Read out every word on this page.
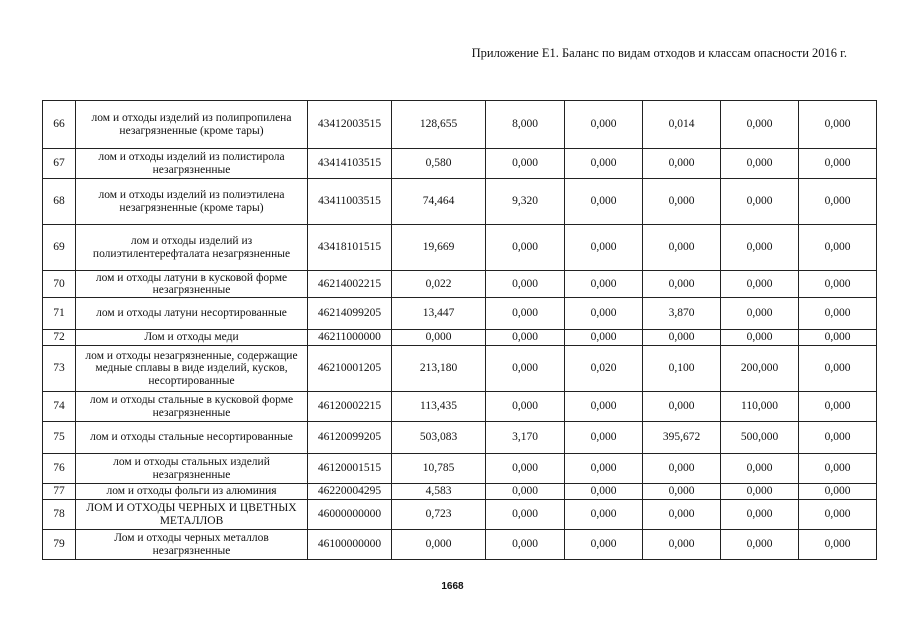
Приложение Е1. Баланс по видам отходов и классам опасности 2016 г.
66	лом и отходы изделий из полипропилена незагрязненные (кроме тары)	43412003515	128,655	8,000	0,000	0,014	0,000	0,000
67	лом и отходы изделий из полистирола незагрязненные	43414103515	0,580	0,000	0,000	0,000	0,000	0,000
68	лом и отходы изделий из полиэтилена незагрязненные (кроме тары)	43411003515	74,464	9,320	0,000	0,000	0,000	0,000
69	лом и отходы изделий из полиэтилентерефталата незагрязненные	43418101515	19,669	0,000	0,000	0,000	0,000	0,000
70	лом и отходы латуни в кусковой форме незагрязненные	46214002215	0,022	0,000	0,000	0,000	0,000	0,000
71	лом и отходы латуни несортированные	46214099205	13,447	0,000	0,000	3,870	0,000	0,000
72	Лом и отходы меди	46211000000	0,000	0,000	0,000	0,000	0,000	0,000
73	лом и отходы незагрязненные, содержащие медные сплавы в виде изделий, кусков, несортированные	46210001205	213,180	0,000	0,020	0,100	200,000	0,000
74	лом и отходы стальные в кусковой форме незагрязненные	46120002215	113,435	0,000	0,000	0,000	110,000	0,000
75	лом и отходы стальные несортированные	46120099205	503,083	3,170	0,000	395,672	500,000	0,000
76	лом и отходы стальных изделий незагрязненные	46120001515	10,785	0,000	0,000	0,000	0,000	0,000
77	лом и отходы фольги из алюминия	46220004295	4,583	0,000	0,000	0,000	0,000	0,000
78	ЛОМ И ОТХОДЫ ЧЕРНЫХ И ЦВЕТНЫХ МЕТАЛЛОВ	46000000000	0,723	0,000	0,000	0,000	0,000	0,000
79	Лом и отходы черных металлов незагрязненные	46100000000	0,000	0,000	0,000	0,000	0,000	0,000
1668
